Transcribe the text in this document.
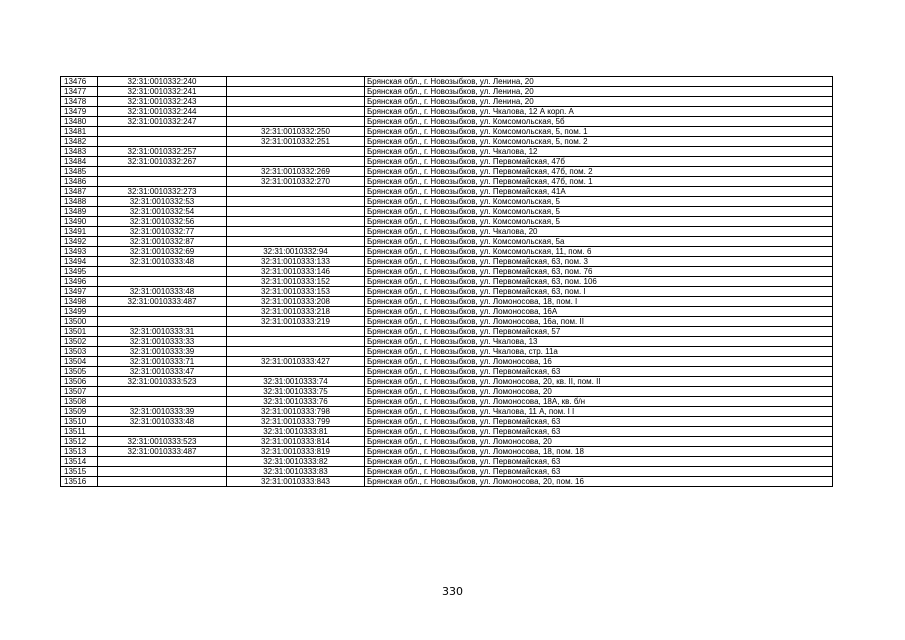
13476	32:31:0010332:240		Брянская обл., г. Новозыбков, ул. Ленина, 20
13477	32:31:0010332:241		Брянская обл., г. Новозыбков, ул. Ленина, 20
13478	32:31:0010332:243		Брянская обл., г. Новозыбков, ул. Ленина, 20
13479	32:31:0010332:244		Брянская обл., г. Новозыбков, ул. Чкалова, 12 А корп. А
13480	32:31:0010332:247		Брянская обл., г. Новозыбков, ул. Комсомольская, 5б
13481		32:31:0010332:250	Брянская обл., г. Новозыбков, ул. Комсомольская, 5, пом. 1
13482		32:31:0010332:251	Брянская обл., г. Новозыбков, ул. Комсомольская, 5, пом. 2
13483	32:31:0010332:257		Брянская обл., г. Новозыбков, ул. Чкалова, 12
13484	32:31:0010332:267		Брянская обл., г. Новозыбков, ул. Первомайская, 47б
13485		32:31:0010332:269	Брянская обл., г. Новозыбков, ул. Первомайская, 47б, пом. 2
13486		32:31:0010332:270	Брянская обл., г. Новозыбков, ул. Первомайская, 47б, пом. 1
13487	32:31:0010332:273		Брянская обл., г. Новозыбков, ул. Первомайская, 41А
13488	32:31:0010332:53		Брянская обл., г. Новозыбков, ул. Комсомольская, 5
13489	32:31:0010332:54		Брянская обл., г. Новозыбков, ул. Комсомольская, 5
13490	32:31:0010332:56		Брянская обл., г. Новозыбков, ул. Комсомольская, 5
13491	32:31:0010332:77		Брянская обл., г. Новозыбков, ул. Чкалова, 20
13492	32:31:0010332:87		Брянская обл., г. Новозыбков, ул. Комсомольская, 5а
13493	32:31:0010332:69	32:31:0010332:94	Брянская обл., г. Новозыбков, ул. Комсомольская, 11, пом. 6
13494	32:31:0010333:48	32:31:0010333:133	Брянская обл., г. Новозыбков, ул. Первомайская, 63, пом. 3
13495		32:31:0010333:146	Брянская обл., г. Новозыбков, ул. Первомайская, 63, пом. 76
13496		32:31:0010333:152	Брянская обл., г. Новозыбков, ул. Первомайская, 63, пом. 106
13497	32:31:0010333:48	32:31:0010333:153	Брянская обл., г. Новозыбков, ул. Первомайская, 63, пом. I
13498	32:31:0010333:487	32:31:0010333:208	Брянская обл., г. Новозыбков, ул. Ломоносова, 18, пом. I
13499		32:31:0010333:218	Брянская обл., г. Новозыбков, ул. Ломоносова, 16А
13500		32:31:0010333:219	Брянская обл., г. Новозыбков, ул. Ломоносова, 16а, пом. II
13501	32:31:0010333:31		Брянская обл., г. Новозыбков, ул. Первомайская, 57
13502	32:31:0010333:33		Брянская обл., г. Новозыбков, ул. Чкалова, 13
13503	32:31:0010333:39		Брянская обл., г. Новозыбков, ул. Чкалова, стр. 11а
13504	32:31:0010333:71	32:31:0010333:427	Брянская обл., г. Новозыбков, ул. Ломоносова, 16
13505	32:31:0010333:47		Брянская обл., г. Новозыбков, ул. Первомайская, 63
13506	32:31:0010333:523	32:31:0010333:74	Брянская обл., г. Новозыбков, ул. Ломоносова, 20, кв. II, пом. II
13507		32:31:0010333:75	Брянская обл., г. Новозыбков, ул. Ломоносова, 20
13508		32:31:0010333:76	Брянская обл., г. Новозыбков, ул. Ломоносова, 18А, кв. б/н
13509	32:31:0010333:39	32:31:0010333:798	Брянская обл., г. Новозыбков, ул. Чкалова, 11 А, пом. I I
13510	32:31:0010333:48	32:31:0010333:799	Брянская обл., г. Новозыбков, ул. Первомайская, 63
13511		32:31:0010333:81	Брянская обл., г. Новозыбков, ул. Первомайская, 63
13512	32:31:0010333:523	32:31:0010333:814	Брянская обл., г. Новозыбков, ул. Ломоносова, 20
13513	32:31:0010333:487	32:31:0010333:819	Брянская обл., г. Новозыбков, ул. Ломоносова, 18, пом. 18
13514		32:31:0010333:82	Брянская обл., г. Новозыбков, ул. Первомайская, 63
13515		32:31:0010333:83	Брянская обл., г. Новозыбков, ул. Первомайская, 63
13516		32:31:0010333:843	Брянская обл., г. Новозыбков, ул. Ломоносова, 20, пом. 16
330
